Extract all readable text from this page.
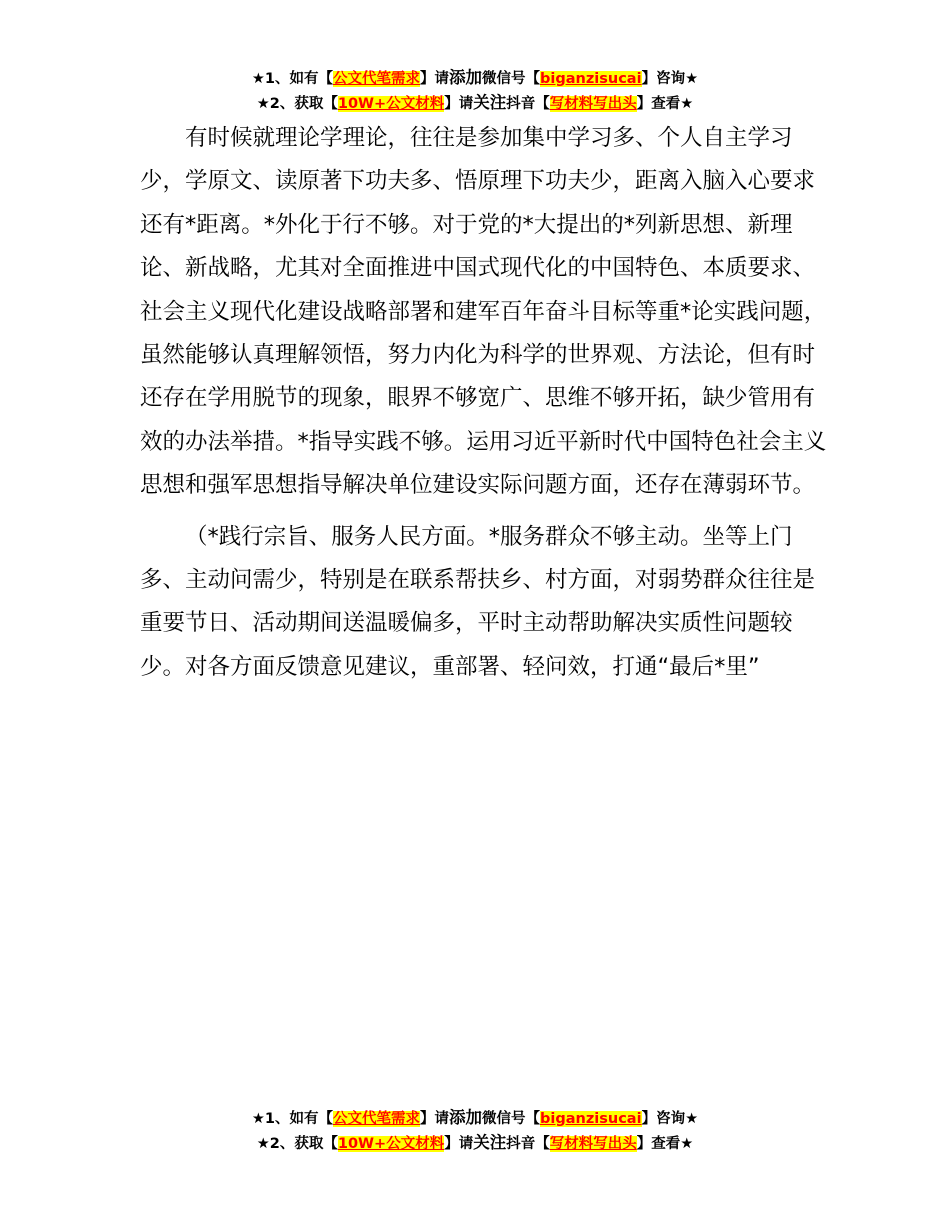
★1、如有【公文代笔需求】请添加微信号【biganzisucai】咨询★
★2、获取【10W+公文材料】请关注抖音【写材料写出头】查看★

有时候就理论学理论，往往是参加集中学习多、个人自主学习少，学原文、读原著下功夫多、悟原理下功夫少，距离入脑入心要求还有*距离。*外化于行不够。对于党的*大提出的*列新思想、新理论、新战略，尤其对全面推进中国式现代化的中国特色、本质要求、社会主义现代化建设战略部署和建军百年奋斗目标等重*论实践问题，虽然能够认真理解领悟，努力内化为科学的世界观、方法论，但有时还存在学用脱节的现象，眼界不够宽广、思维不够开拓，缺少管用有效的办法举措。*指导实践不够。运用习近平新时代中国特色社会主义思想和强军思想指导解决单位建设实际问题方面，还存在薄弱环节。

（*践行宗旨、服务人民方面。*服务群众不够主动。坐等上门多、主动问需少，特别是在联系帮扶乡、村方面，对弱势群众往往是重要节日、活动期间送温暖偏多，平时主动帮助解决实质性问题较少。对各方面反馈意见建议，重部署、轻问效，打通“最后*里”

★1、如有【公文代笔需求】请添加微信号【biganzisucai】咨询★
★2、获取【10W+公文材料】请关注抖音【写材料写出头】查看★
